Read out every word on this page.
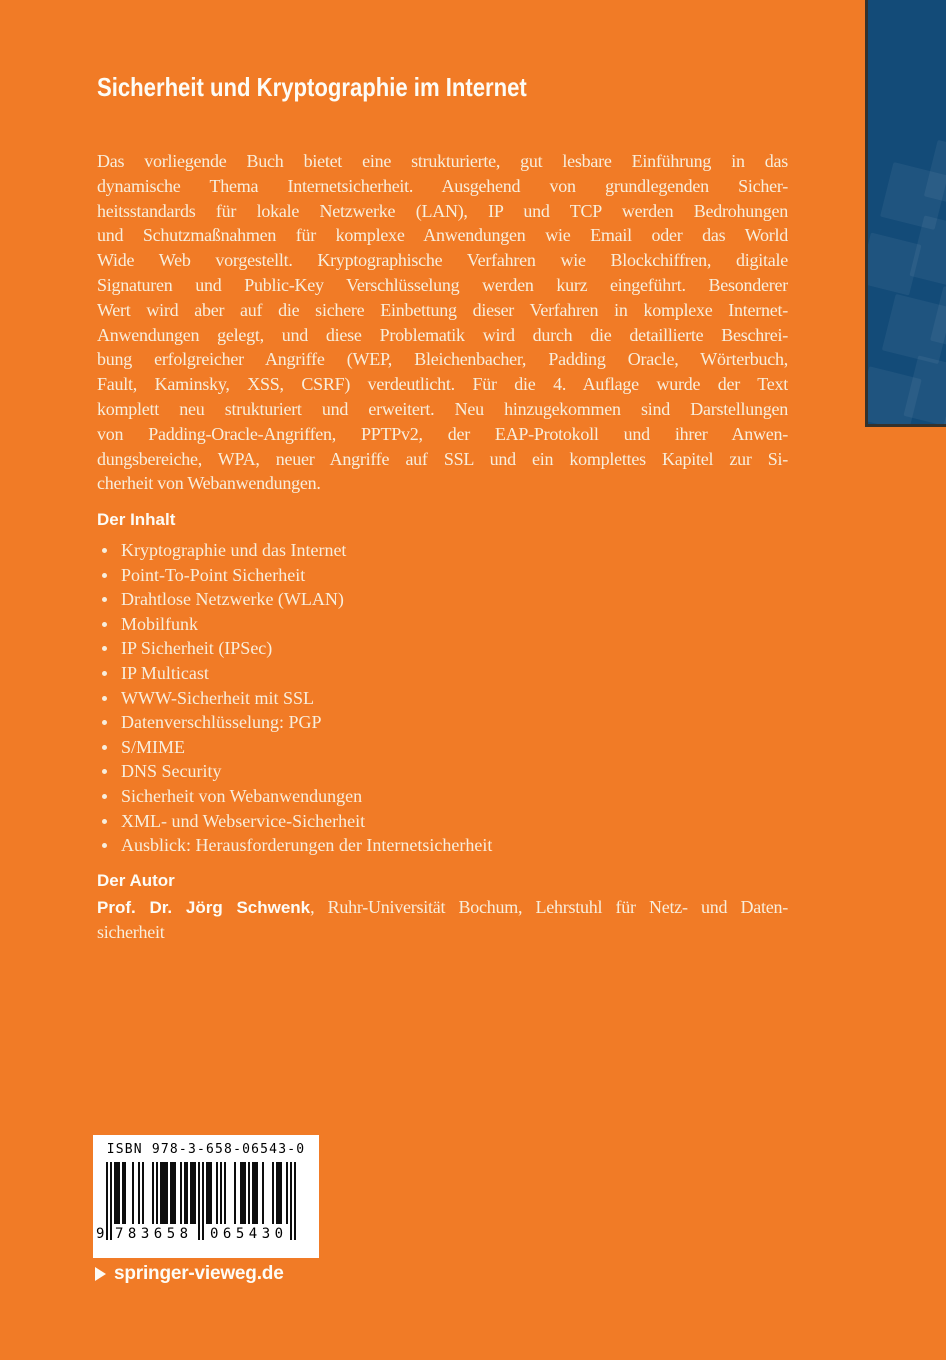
Sicherheit und Kryptographie im Internet
Das vorliegende Buch bietet eine strukturierte, gut lesbare Einführung in das
dynamische Thema Internetsicherheit. Ausgehend von grundlegenden Sicher-
heitsstandards für lokale Netzwerke (LAN), IP und TCP werden Bedrohungen
und Schutzmaßnahmen für komplexe Anwendungen wie Email oder das World
Wide Web vorgestellt. Kryptographische Verfahren wie Blockchiffren, digitale
Signaturen und Public-Key Verschlüsselung werden kurz eingeführt. Besonderer
Wert wird aber auf die sichere Einbettung dieser Verfahren in komplexe Internet-
Anwendungen gelegt, und diese Problematik wird durch die detaillierte Beschrei-
bung erfolgreicher Angriffe (WEP, Bleichenbacher, Padding Oracle, Wörterbuch,
Fault, Kaminsky, XSS, CSRF) verdeutlicht. Für die 4. Auflage wurde der Text
komplett neu strukturiert und erweitert. Neu hinzugekommen sind Darstellungen
von Padding-Oracle-Angriffen, PPTPv2, der EAP-Protokoll und ihrer Anwen-
dungsbereiche, WPA, neuer Angriffe auf SSL und ein komplettes Kapitel zur Si-
cherheit von Webanwendungen.
Der Inhalt
Kryptographie und das Internet
Point-To-Point Sicherheit
Drahtlose Netzwerke (WLAN)
Mobilfunk
IP Sicherheit (IPSec)
IP Multicast
WWW-Sicherheit mit SSL
Datenverschlüsselung: PGP
S/MIME
DNS Security
Sicherheit von Webanwendungen
XML- und Webservice-Sicherheit
Ausblick: Herausforderungen der Internetsicherheit
Der Autor
Prof. Dr. Jörg Schwenk, Ruhr-Universität Bochum, Lehrstuhl für Netz- und Daten-
sicherheit
ISBN 978-3-658-06543-0
9 783658 065430
springer-vieweg.de
